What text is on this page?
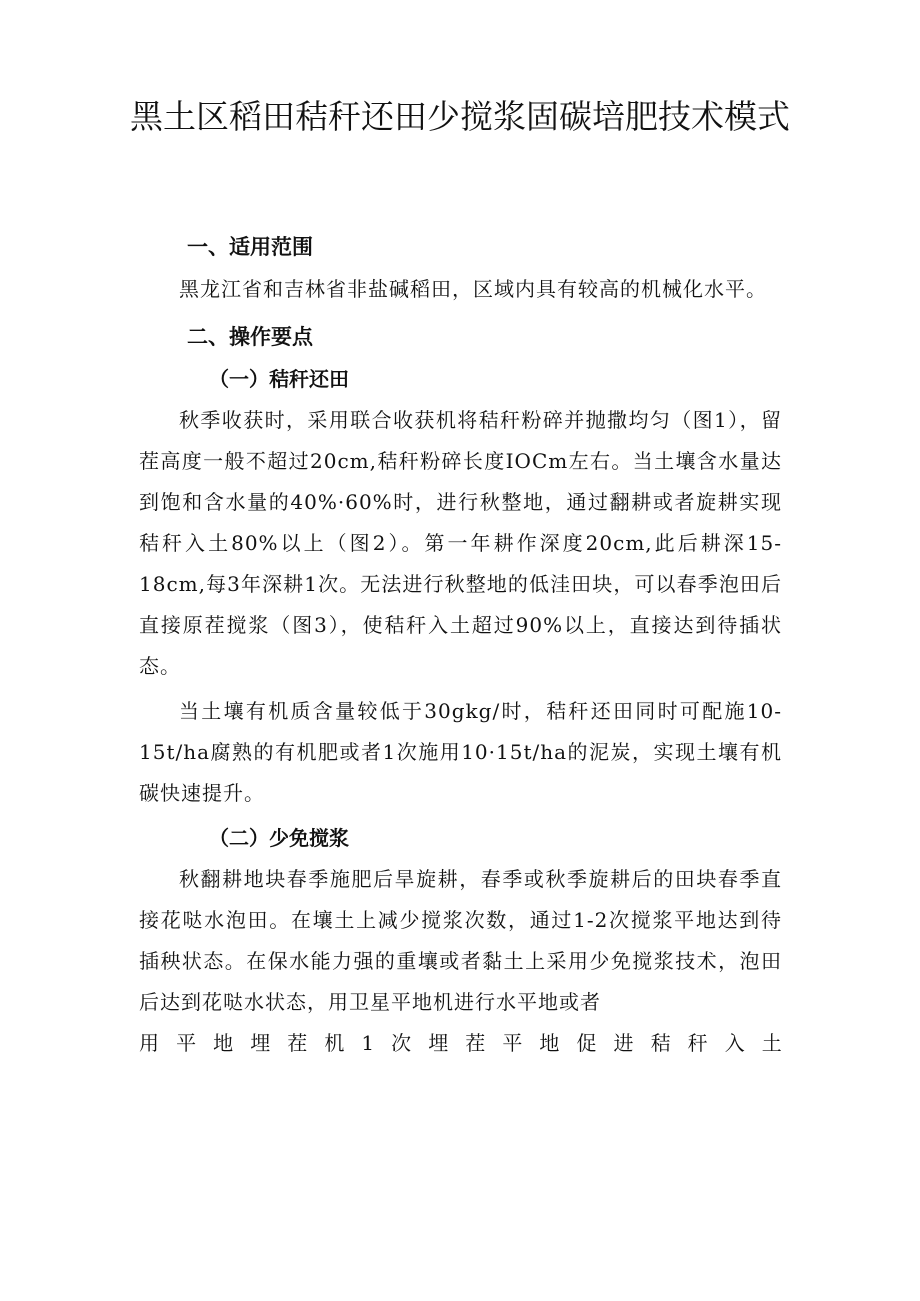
黑土区稻田秸秆还田少搅浆固碳培肥技术模式
一、适用范围

黑龙江省和吉林省非盐碱稻田，区域内具有较高的机械化水平。

二、操作要点
（一）秸秆还田

秋季收获时，采用联合收获机将秸秆粉碎并抛撒均匀（图1），留茬高度一般不超过20cm,秸秆粉碎长度IOCm左右。当土壤含水量达到饱和含水量的40%·60%时，进行秋整地，通过翻耕或者旋耕实现秸秆入土80%以上（图2）。第一年耕作深度20cm,此后耕深15-18cm,每3年深耕1次。无法进行秋整地的低洼田块，可以春季泡田后直接原茬搅浆（图3），使秸秆入土超过90%以上，直接达到待插状态。

当土壤有机质含量较低于30gkg/时，秸秆还田同时可配施10-15t/ha腐熟的有机肥或者1次施用10·15t/ha的泥炭，实现土壤有机碳快速提升。

（二）少免搅浆

秋翻耕地块春季施肥后旱旋耕，春季或秋季旋耕后的田块春季直接花哒水泡田。在壤土上减少搅浆次数，通过1-2次搅浆平地达到待插秧状态。在保水能力强的重壤或者黏土上采用少免搅浆技术，泡田后达到花哒水状态，用卫星平地机进行水平地或者

用 平 地 埋 茬 机 1 次 埋 茬 平 地 促 进 秸 秆 入 土
